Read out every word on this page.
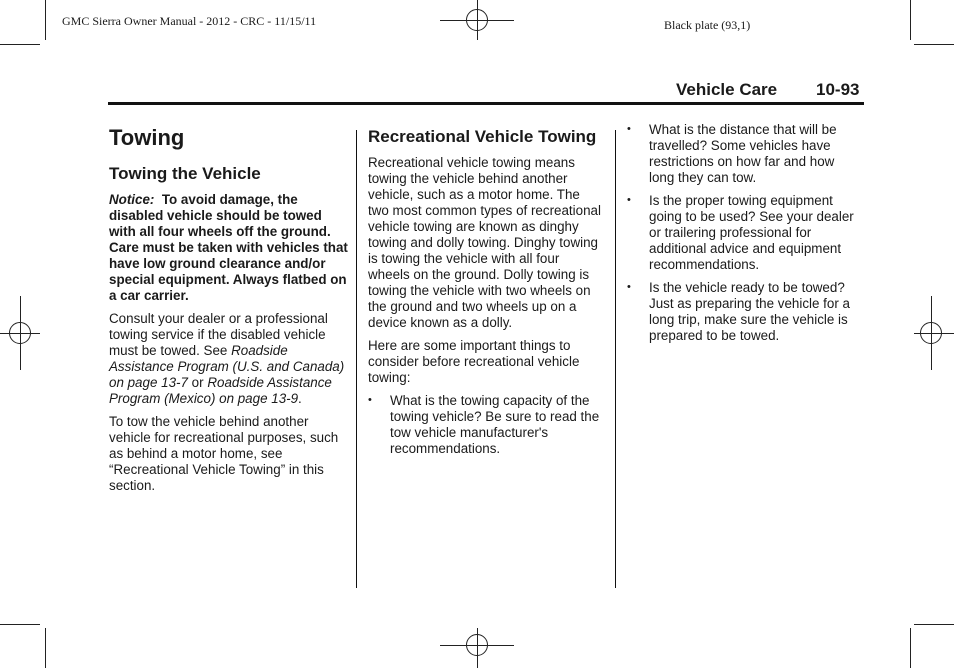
GMC Sierra Owner Manual - 2012 - CRC - 11/15/11	Black plate (93,1)
Vehicle Care 10-93
Towing
Towing the Vehicle

Notice: To avoid damage, the disabled vehicle should be towed with all four wheels off the ground. Care must be taken with vehicles that have low ground clearance and/or special equipment. Always flatbed on a car carrier.

Consult your dealer or a professional towing service if the disabled vehicle must be towed. See Roadside Assistance Program (U.S. and Canada) on page 13-7 or Roadside Assistance Program (Mexico) on page 13-9.

To tow the vehicle behind another vehicle for recreational purposes, such as behind a motor home, see “Recreational Vehicle Towing” in this section.

Recreational Vehicle Towing

Recreational vehicle towing means towing the vehicle behind another vehicle, such as a motor home. The two most common types of recreational vehicle towing are known as dinghy towing and dolly towing. Dinghy towing is towing the vehicle with all four wheels on the ground. Dolly towing is towing the vehicle with two wheels on the ground and two wheels up on a device known as a dolly.

Here are some important things to consider before recreational vehicle towing:

• What is the towing capacity of the towing vehicle? Be sure to read the tow vehicle manufacturer's recommendations.
• What is the distance that will be travelled? Some vehicles have restrictions on how far and how long they can tow.
• Is the proper towing equipment going to be used? See your dealer or trailering professional for additional advice and equipment recommendations.
• Is the vehicle ready to be towed? Just as preparing the vehicle for a long trip, make sure the vehicle is prepared to be towed.
